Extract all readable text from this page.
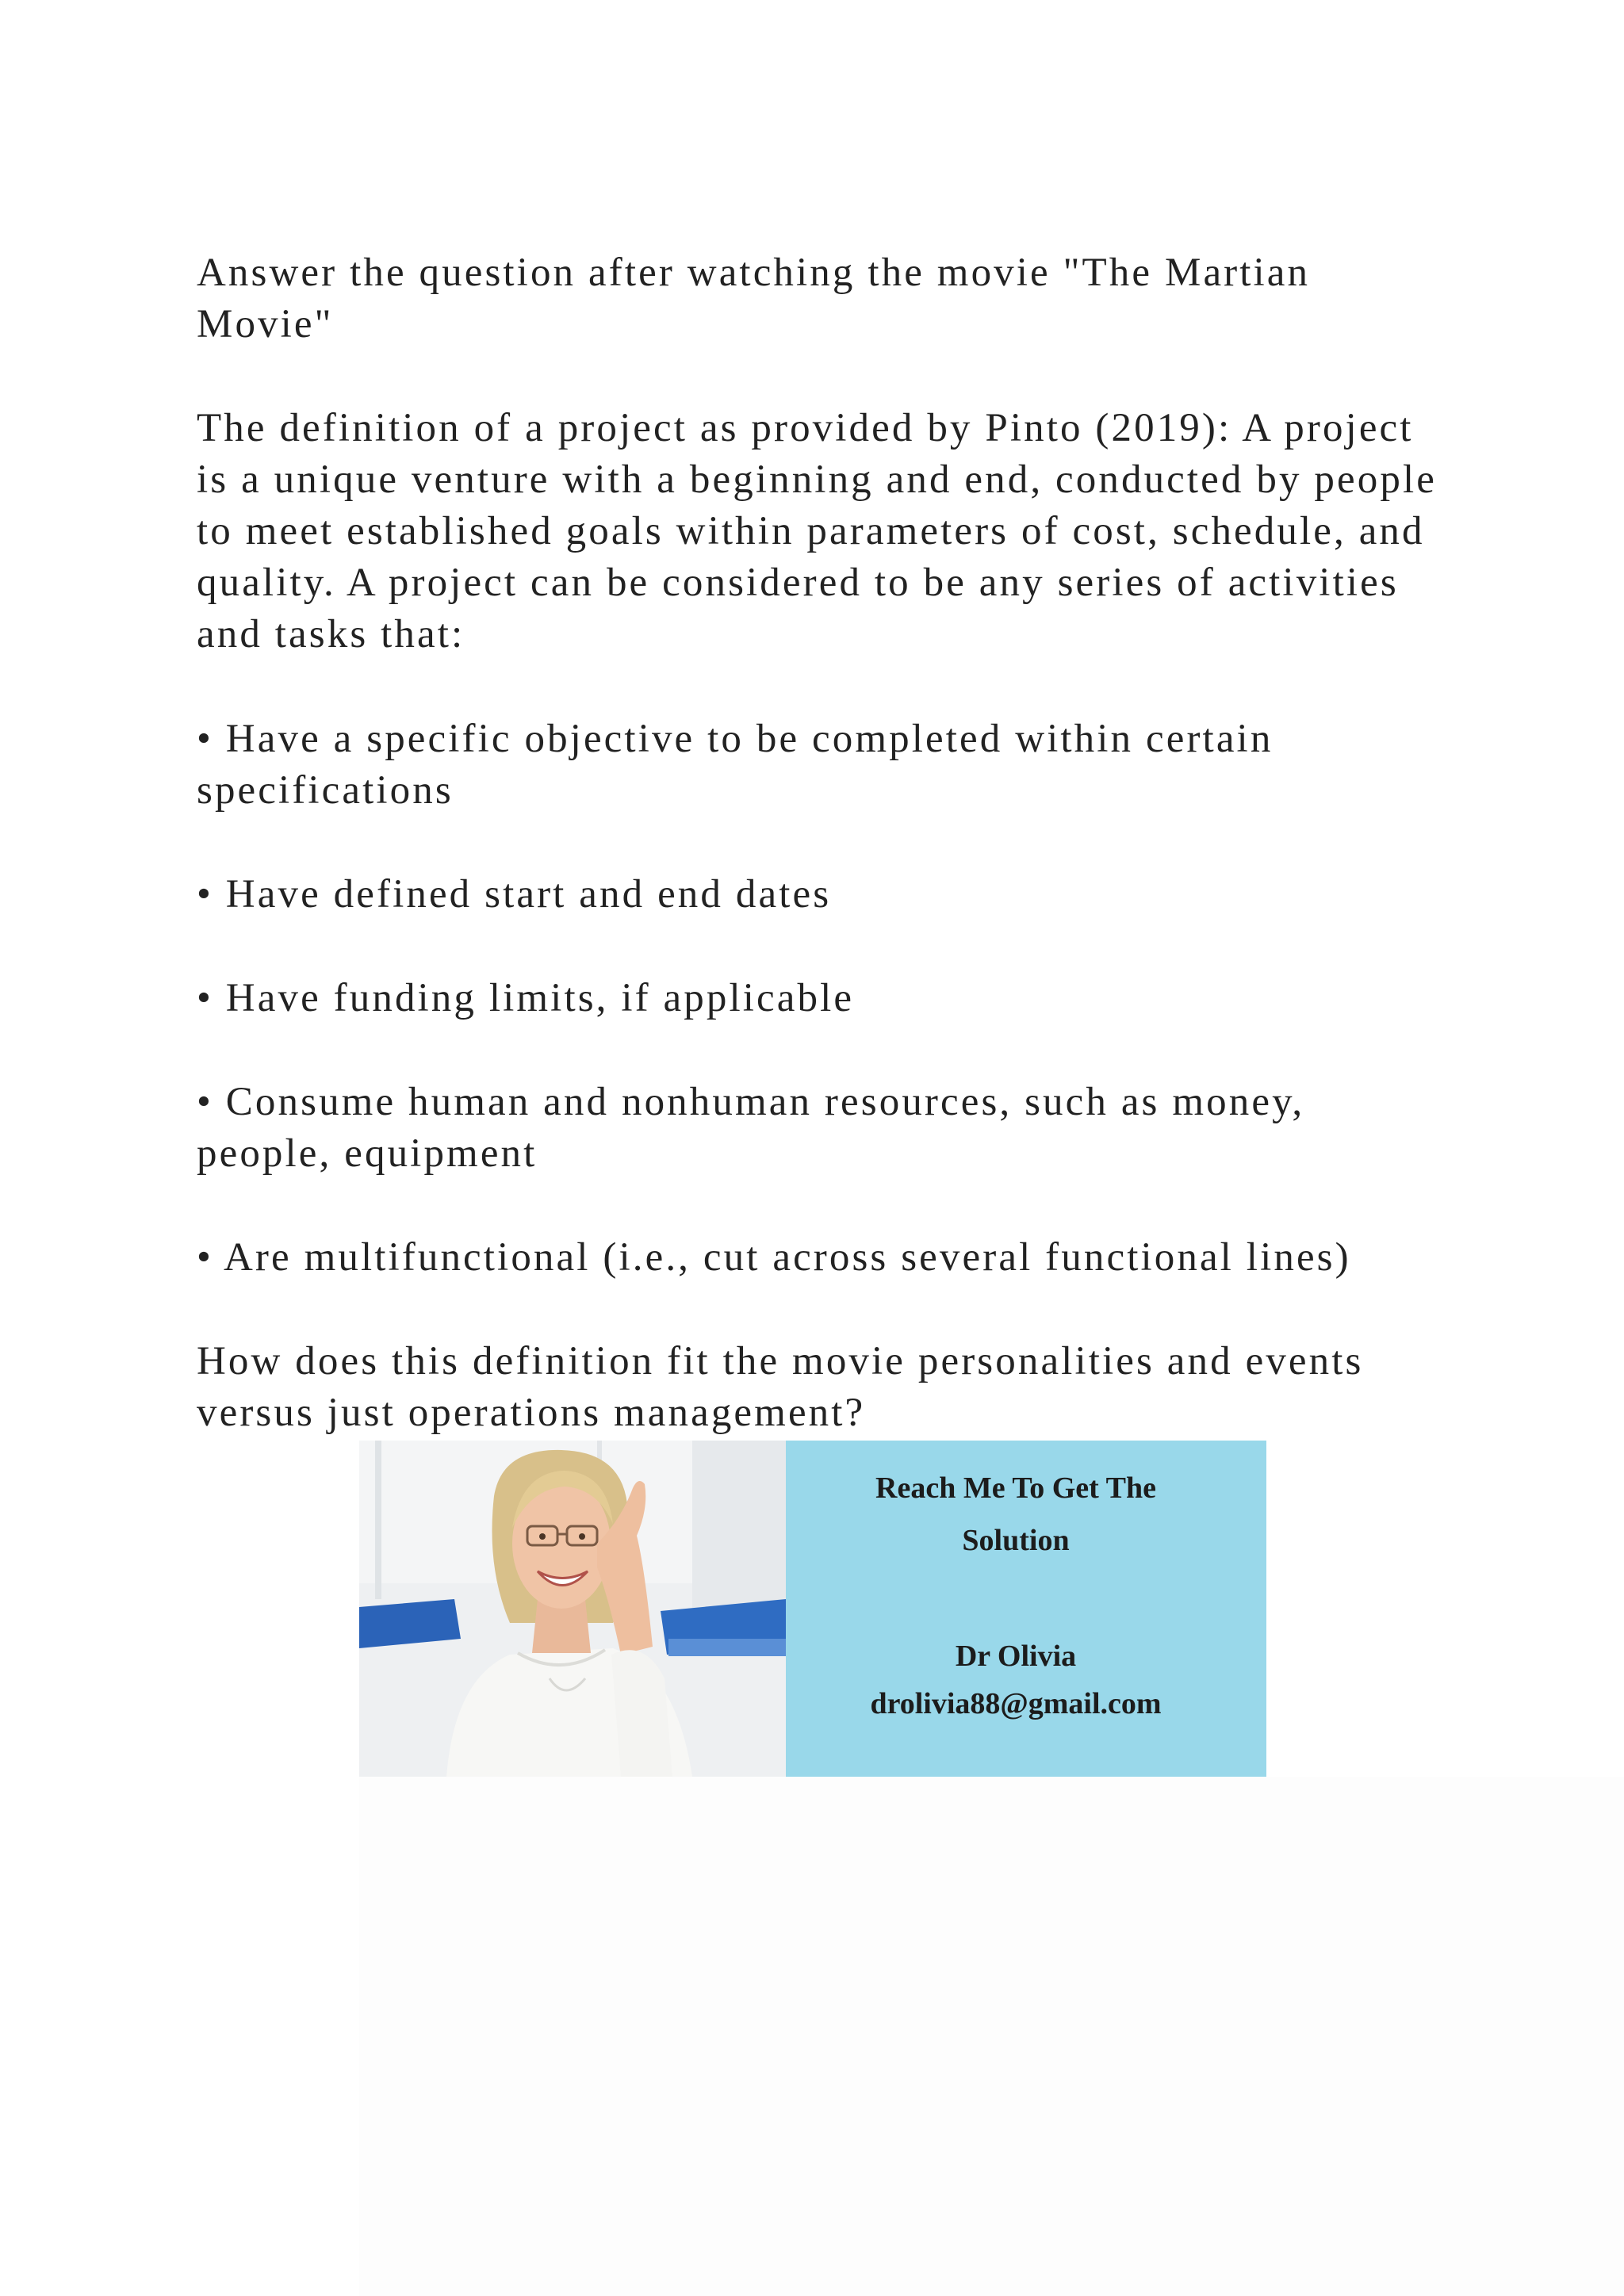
Answer the question after watching the movie "The Martian Movie"
The definition of a project as provided by Pinto (2019): A project is a unique venture with a beginning and end, conducted by people to meet established goals within parameters of cost, schedule, and quality. A project can be considered to be any series of activities and tasks that:
• Have a specific objective to be completed within certain specifications
• Have defined start and end dates
• Have funding limits, if applicable
• Consume human and nonhuman resources, such as money, people, equipment
• Are multifunctional (i.e., cut across several functional lines)
How does this definition fit the movie personalities and events versus just operations management?
Reach Me To Get The
Solution
Dr Olivia
drolivia88@gmail.com
